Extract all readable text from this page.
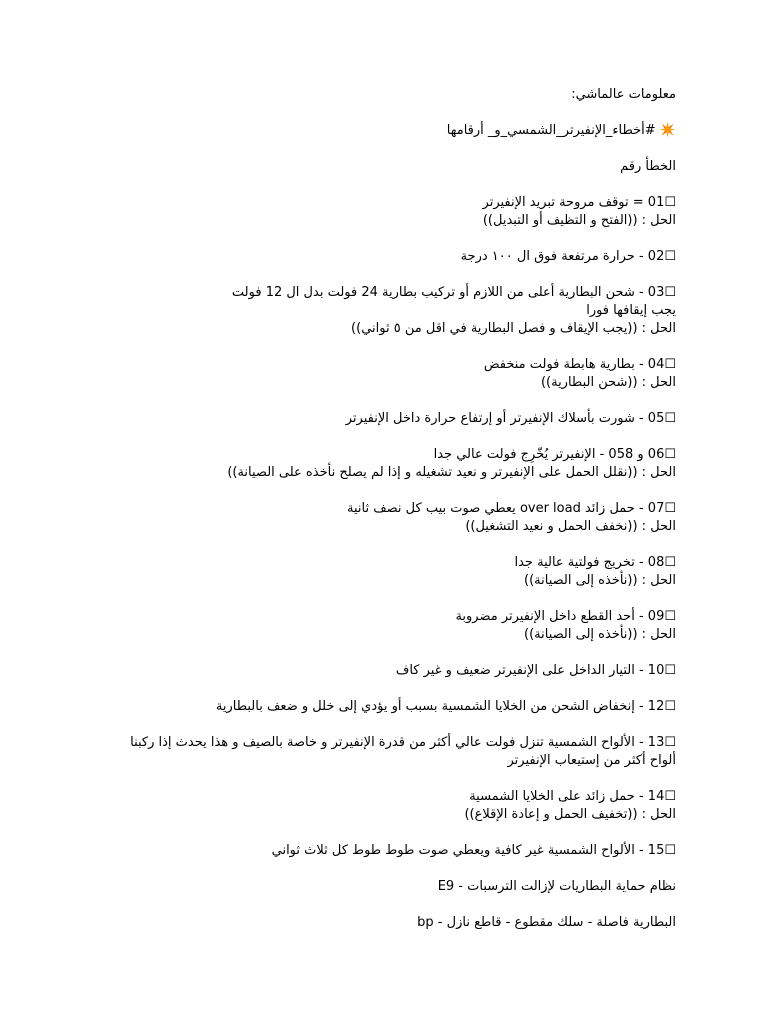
معلومات عالماشي:

✴️ #أخطاء_الإنفيرتر_الشمسي_و_ أرقامها

الخطأ رقم

☐01 = توقف مروحة تبريد الإنفيرتر

الحل : ((الفتح و التظيف أو التبديل))

☐02 - حرارة مرتفعة فوق ال ١٠٠ درجة

☐03 - شحن البطارية أعلى من اللازم أو تركيب بطارية 24 فولت بدل ال 12 فولت

يجب إيقافها فورا

الحل : ((يجب الإيقاف و فصل البطارية في اقل من ٥ ثواني))

☐04 - بطارية هابطة فولت منخفض

الحل : ((شحن البطارية))

☐05 - شورت بأسلاك الإنفيرتر أو إرتفاع حرارة داخل الإنفيرتر

☐06 و 058 - الإنفيرتر يُخّرِج فولت عالي جدا

الحل : ((نقلل الحمل على الإنفيرتر و نعيد تشغيله و إذا لم يصلح نأخذه على الصيانة))

☐07 - حمل زائد over load يعطي صوت بيب كل نصف ثانية

الحل : ((نخفف الحمل و نعيد التشغيل))

☐08 - تخريج فولتية عالية جدا

الحل : ((نأخذه إلى الصيانة))

☐09 - أحد القطع داخل الإنفيرتر مضروبة

الحل : ((نأخذه إلى الصيانة))

☐10 - التيار الداخل على الإنفيرتر ضعيف و غير كاف

☐12 - إنخفاض الشحن من الخلايا الشمسية بسبب أو يؤدي إلى خلل و ضعف بالبطارية

☐13 - الألواح الشمسية تنزل فولت عالي أكثر من قدرة الإنفيرتر و خاصة بالصيف و هذا يحدث إذا ركبنا

ألواح أكثر من إستيعاب الإنفيرتر

☐14 - حمل زائد على الخلايا الشمسية

الحل : ((تخفيف الحمل و إعادة الإقلاع))

☐15 - الألواح الشمسية غير كافية ويعطي صوت طوط طوط كل ثلاث ثواني

E9 - نظام حماية البطاريات لإزالت الترسبات

bp - البطارية فاصلة - سلك مقطوع - قاطع نازل
